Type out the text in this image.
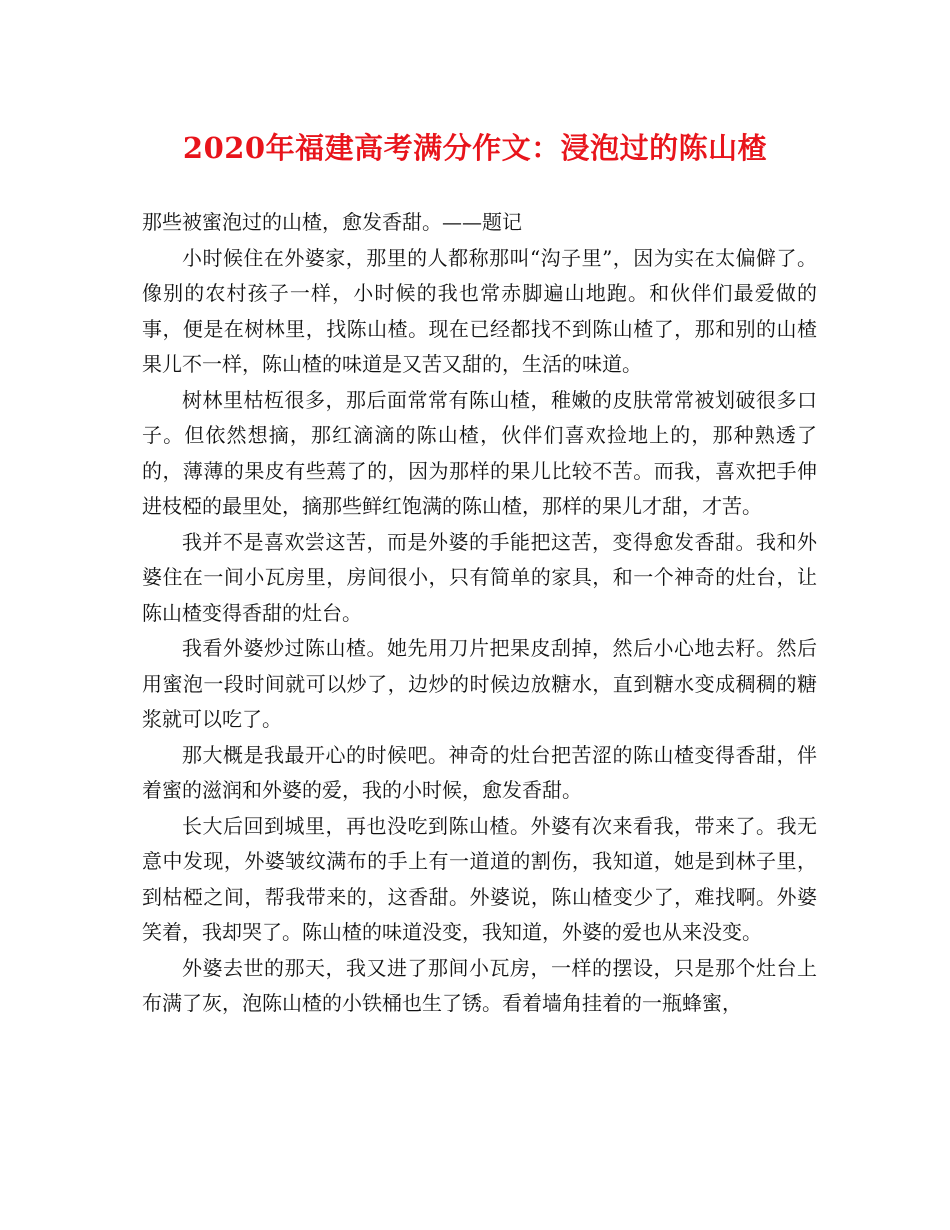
2020年福建高考满分作文：浸泡过的陈山楂

那些被蜜泡过的山楂，愈发香甜。——题记

小时候住在外婆家，那里的人都称那叫“沟子里”，因为实在太偏僻了。像别的农村孩子一样，小时候的我也常赤脚遍山地跑。和伙伴们最爱做的事，便是在树林里，找陈山楂。现在已经都找不到陈山楂了，那和别的山楂果儿不一样，陈山楂的味道是又苦又甜的，生活的味道。

树林里枯枑很多，那后面常常有陈山楂，稚嫩的皮肤常常被划破很多口子。但依然想摘，那红滴滴的陈山楂，伙伴们喜欢捡地上的，那种熟透了的，薄薄的果皮有些蔫了的，因为那样的果儿比较不苦。而我，喜欢把手伸进枝椏的最里处，摘那些鲜红饱满的陈山楂，那样的果儿才甜，才苦。

我并不是喜欢尝这苦，而是外婆的手能把这苦，变得愈发香甜。我和外婆住在一间小瓦房里，房间很小，只有简单的家具，和一个神奇的灶台，让陈山楂变得香甜的灶台。

我看外婆炒过陈山楂。她先用刀片把果皮刮掉，然后小心地去籽。然后用蜜泡一段时间就可以炒了，边炒的时候边放糖水，直到糖水变成稠稠的糖浆就可以吃了。

那大概是我最开心的时候吧。神奇的灶台把苦涩的陈山楂变得香甜，伴着蜜的滋润和外婆的爱，我的小时候，愈发香甜。

长大后回到城里，再也没吃到陈山楂。外婆有次来看我，带来了。我无意中发现，外婆皱纹满布的手上有一道道的割伤，我知道，她是到林子里，到枯椏之间，帮我带来的，这香甜。外婆说，陈山楂变少了，难找啊。外婆笑着，我却哭了。陈山楂的味道没变，我知道，外婆的爱也从来没变。

外婆去世的那天，我又进了那间小瓦房，一样的摆设，只是那个灶台上布满了灰，泡陈山楂的小铁桶也生了锈。看着墙角挂着的一瓶蜂蜜，
